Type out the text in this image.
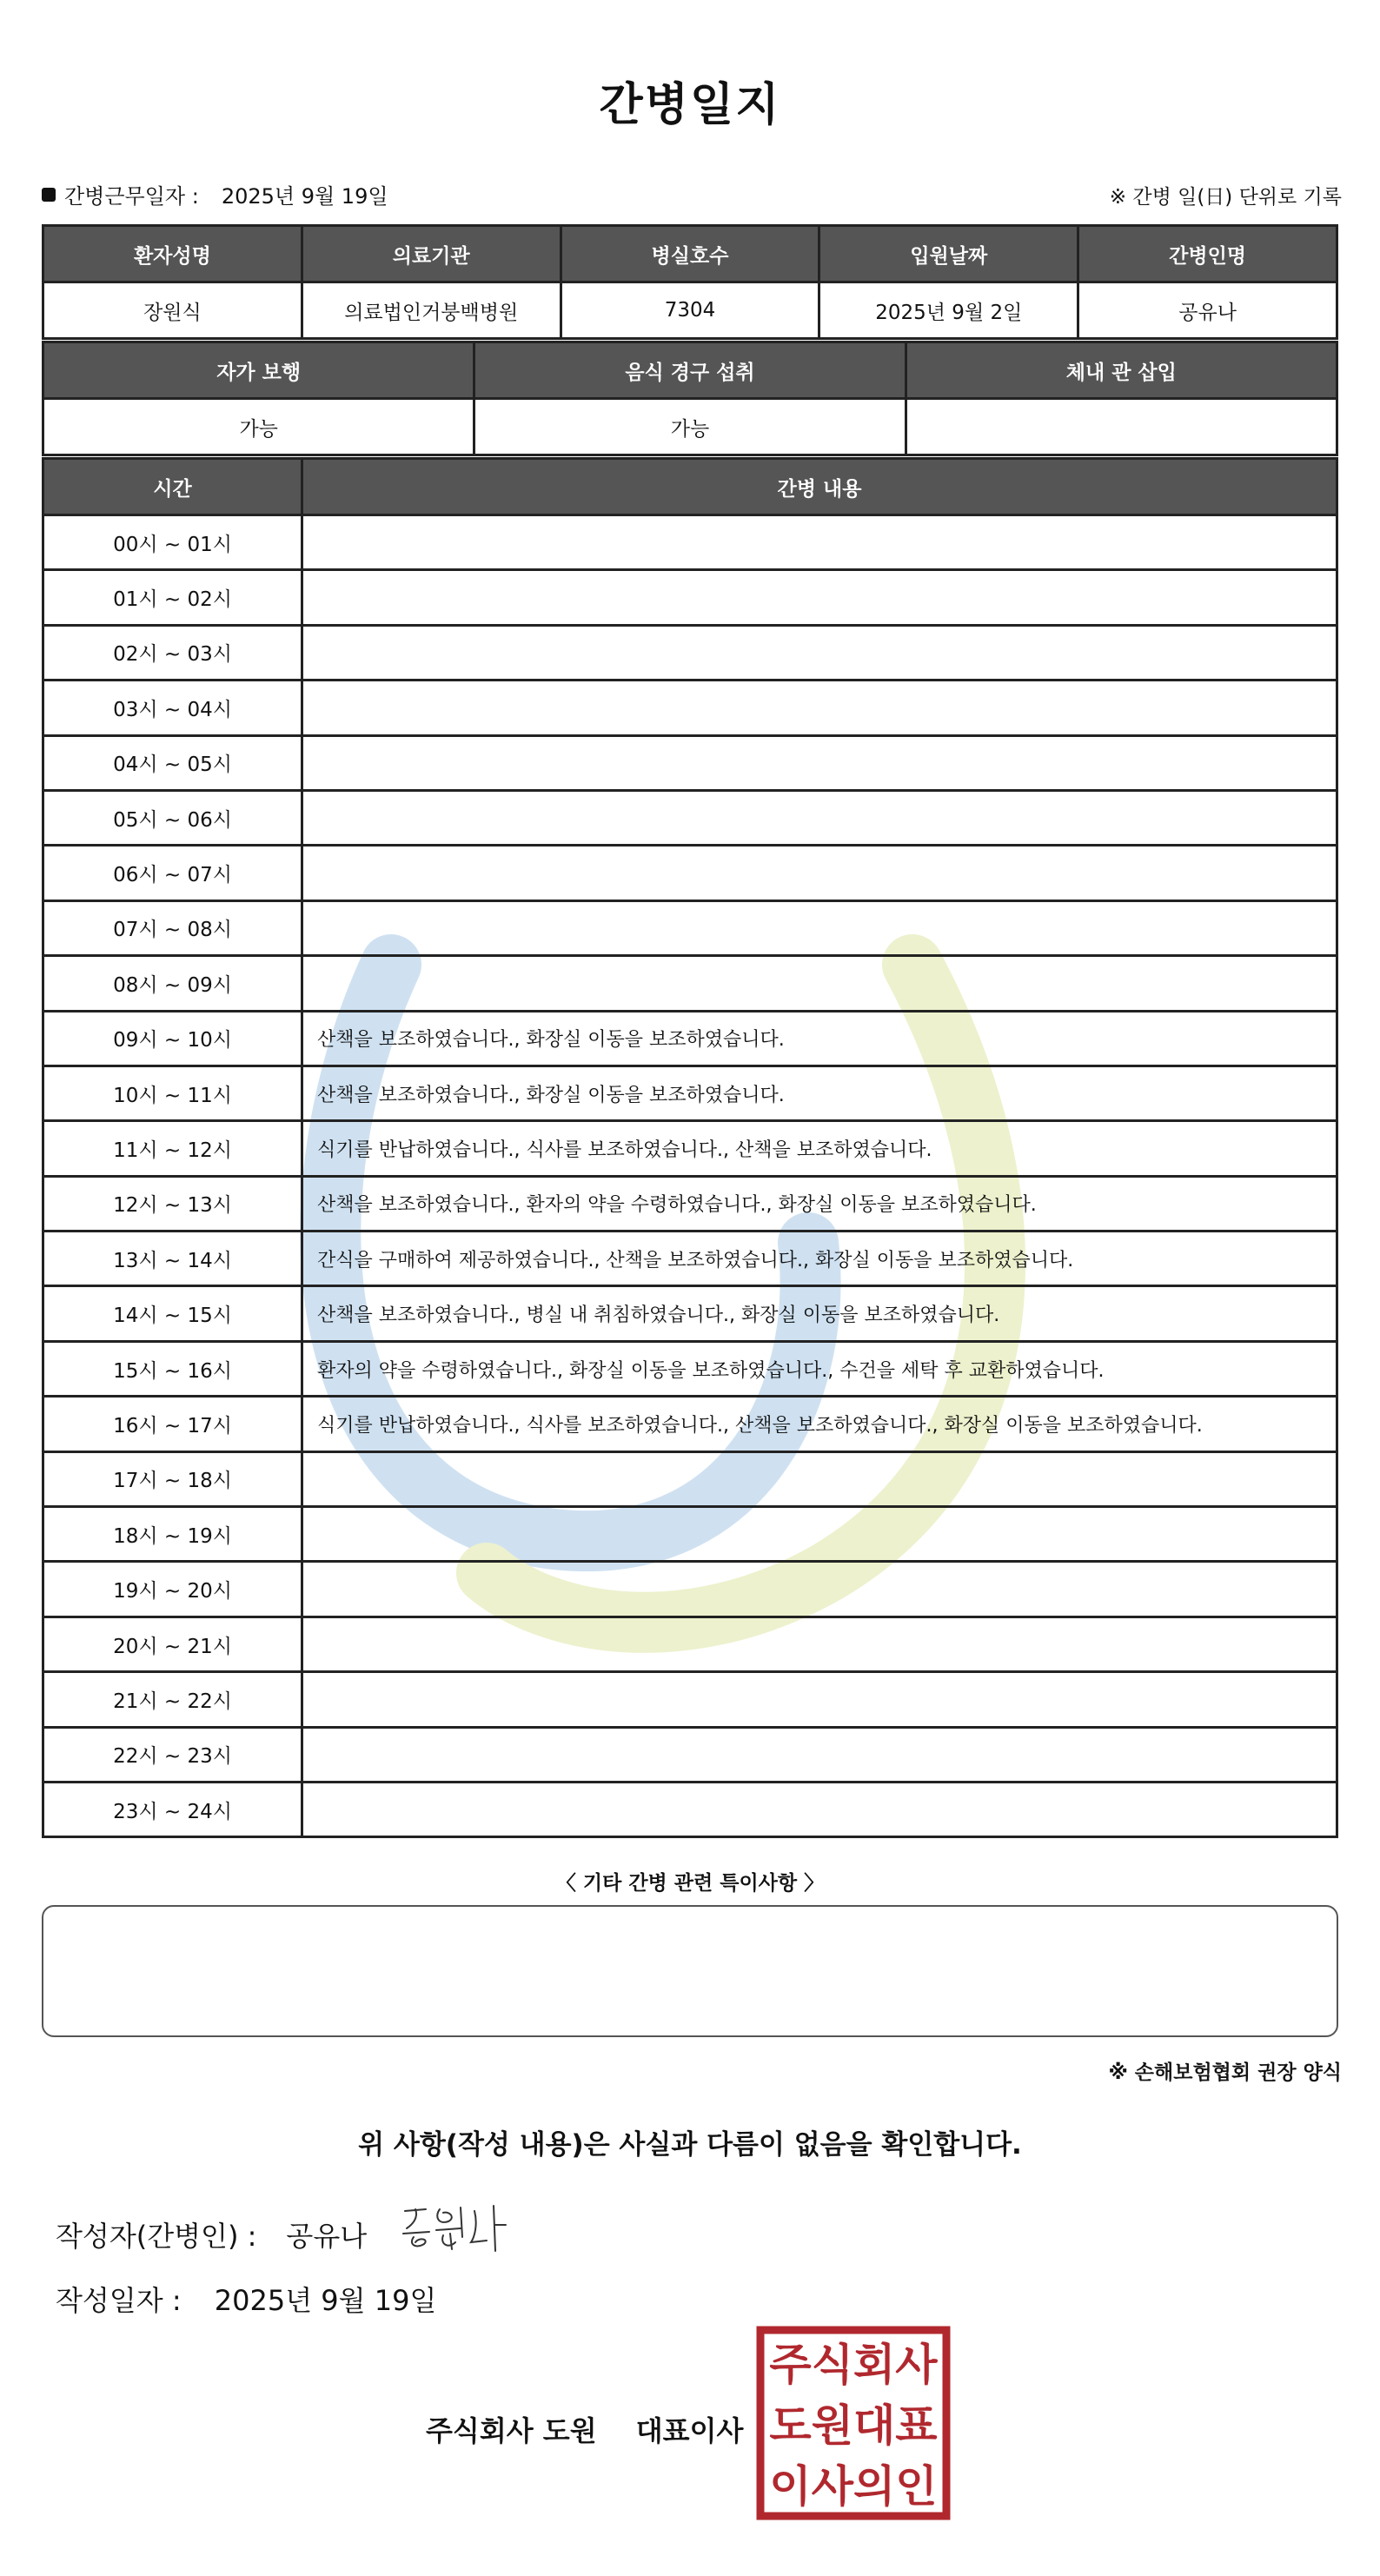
간병일지
간병근무일자 : 2025년 9월 19일	※ 간병 일(日) 단위로 기록
환자성명	의료기관	병실호수	입원날짜	간병인명
장원식	의료법인거붕백병원	7304	2025년 9월 2일	공유나
자가 보행	음식 경구 섭취	체내 관 삽입
가능	가능	
시간	간병 내용
00시 ~ 01시	
01시 ~ 02시	
02시 ~ 03시	
03시 ~ 04시	
04시 ~ 05시	
05시 ~ 06시	
06시 ~ 07시	
07시 ~ 08시	
08시 ~ 09시	
09시 ~ 10시	산책을 보조하였습니다., 화장실 이동을 보조하였습니다.
10시 ~ 11시	산책을 보조하였습니다., 화장실 이동을 보조하였습니다.
11시 ~ 12시	식기를 반납하였습니다., 식사를 보조하였습니다., 산책을 보조하였습니다.
12시 ~ 13시	산책을 보조하였습니다., 환자의 약을 수령하였습니다., 화장실 이동을 보조하였습니다.
13시 ~ 14시	간식을 구매하여 제공하였습니다., 산책을 보조하였습니다., 화장실 이동을 보조하였습니다.
14시 ~ 15시	산책을 보조하였습니다., 병실 내 취침하였습니다., 화장실 이동을 보조하였습니다.
15시 ~ 16시	환자의 약을 수령하였습니다., 화장실 이동을 보조하였습니다., 수건을 세탁 후 교환하였습니다.
16시 ~ 17시	식기를 반납하였습니다., 식사를 보조하였습니다., 산책을 보조하였습니다., 화장실 이동을 보조하였습니다.
17시 ~ 18시	
18시 ~ 19시	
19시 ~ 20시	
20시 ~ 21시	
21시 ~ 22시	
22시 ~ 23시	
23시 ~ 24시	
〈 기타 간병 관련 특이사항 〉
※ 손해보험협회 권장 양식
위 사항(작성 내용)은 사실과 다름이 없음을 확인합니다.
작성자(간병인) : 공유나
작성일자 : 2025년 9월 19일
주식회사 도원 대표이사
주식회사
도원대표
이사의인
